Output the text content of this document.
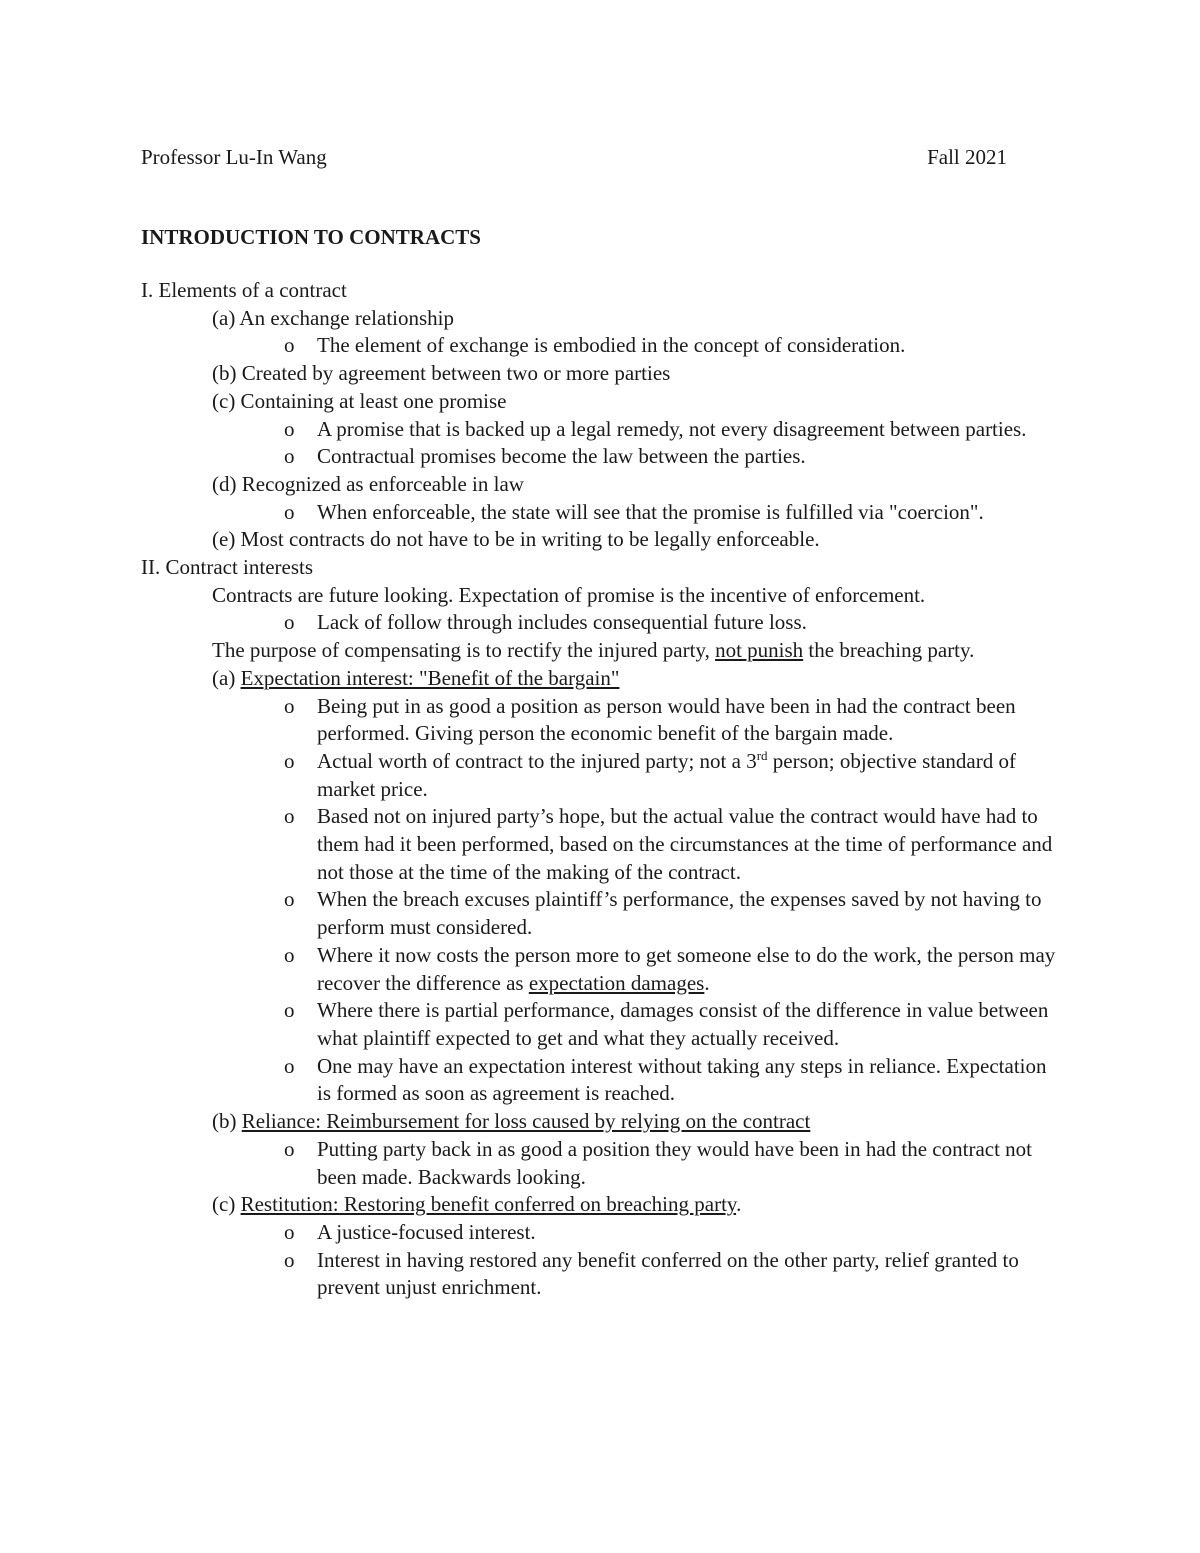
Professor Lu-In Wang	Fall 2021
INTRODUCTION TO CONTRACTS
I. Elements of a contract
(a) An exchange relationship
o The element of exchange is embodied in the concept of consideration.
(b) Created by agreement between two or more parties
(c) Containing at least one promise
o A promise that is backed up a legal remedy, not every disagreement between parties.
o Contractual promises become the law between the parties.
(d) Recognized as enforceable in law
o When enforceable, the state will see that the promise is fulfilled via "coercion".
(e) Most contracts do not have to be in writing to be legally enforceable.
II. Contract interests
Contracts are future looking. Expectation of promise is the incentive of enforcement.
o Lack of follow through includes consequential future loss.
The purpose of compensating is to rectify the injured party, not punish the breaching party.
(a) Expectation interest: "Benefit of the bargain"
o Being put in as good a position as person would have been in had the contract been performed. Giving person the economic benefit of the bargain made.
o Actual worth of contract to the injured party; not a 3rd person; objective standard of market price.
o Based not on injured party’s hope, but the actual value the contract would have had to them had it been performed, based on the circumstances at the time of performance and not those at the time of the making of the contract.
o When the breach excuses plaintiff’s performance, the expenses saved by not having to perform must considered.
o Where it now costs the person more to get someone else to do the work, the person may recover the difference as expectation damages.
o Where there is partial performance, damages consist of the difference in value between what plaintiff expected to get and what they actually received.
o One may have an expectation interest without taking any steps in reliance. Expectation is formed as soon as agreement is reached.
(b) Reliance: Reimbursement for loss caused by relying on the contract
o Putting party back in as good a position they would have been in had the contract not been made. Backwards looking.
(c) Restitution: Restoring benefit conferred on breaching party.
o A justice-focused interest.
o Interest in having restored any benefit conferred on the other party, relief granted to prevent unjust enrichment.
